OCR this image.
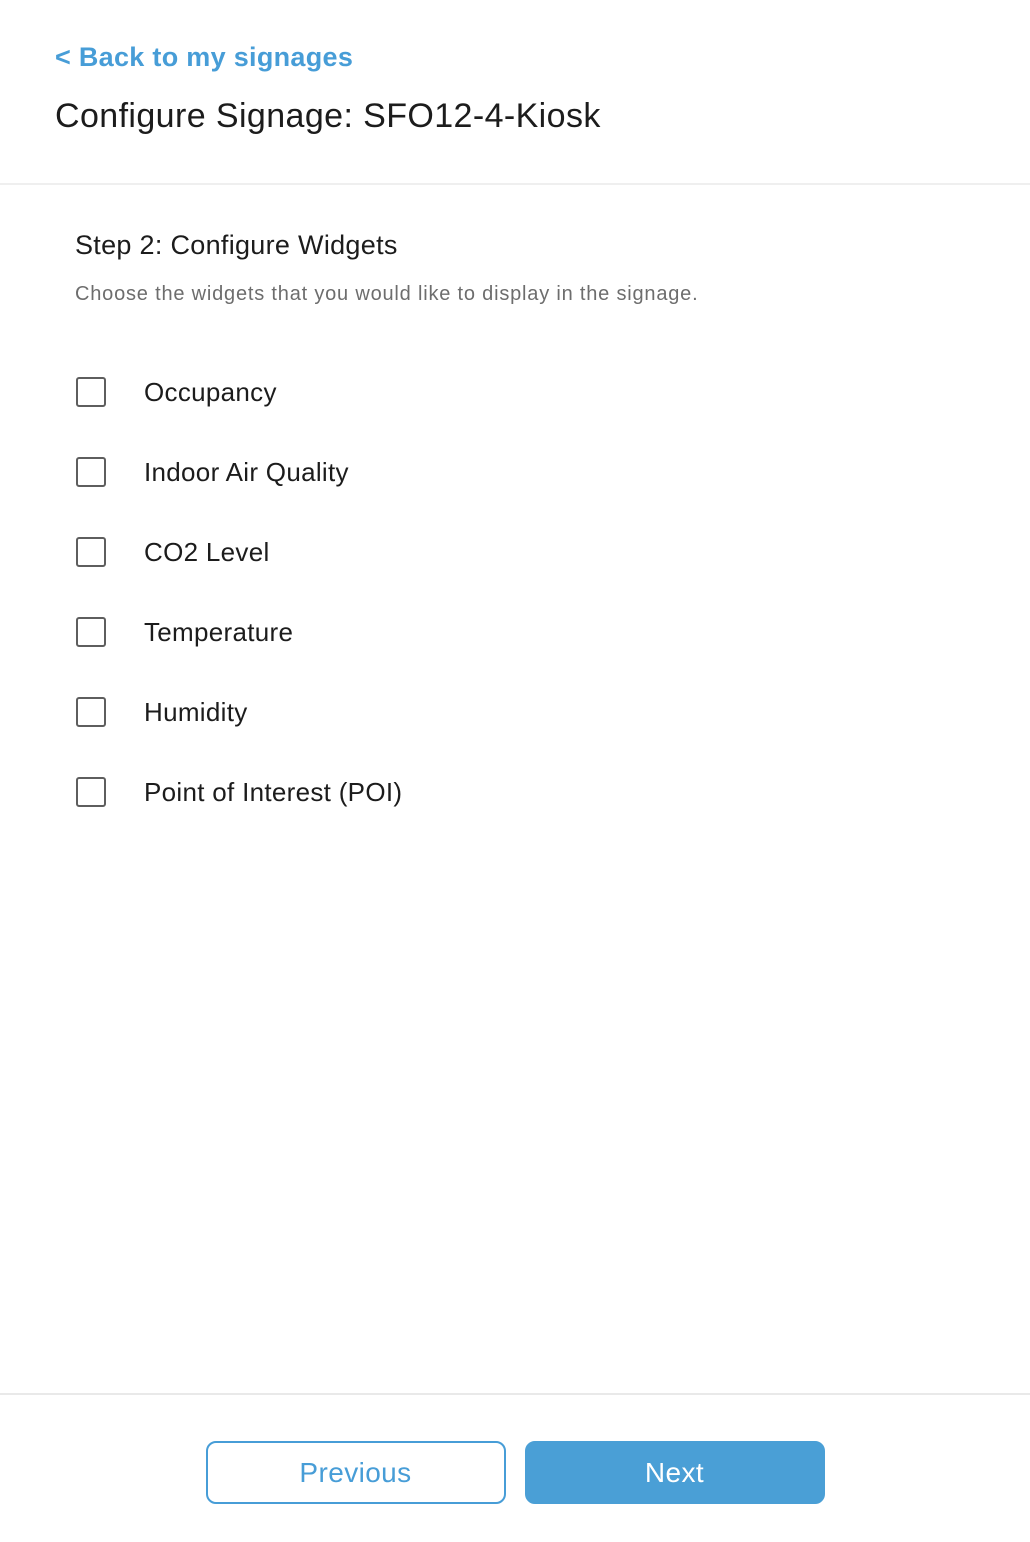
< Back to my signages
Configure Signage: SFO12-4-Kiosk
Step 2: Configure Widgets

Choose the widgets that you would like to display in the signage.

Occupancy
Indoor Air Quality
CO2 Level
Temperature
Humidity
Point of Interest (POI)
Previous	Next
